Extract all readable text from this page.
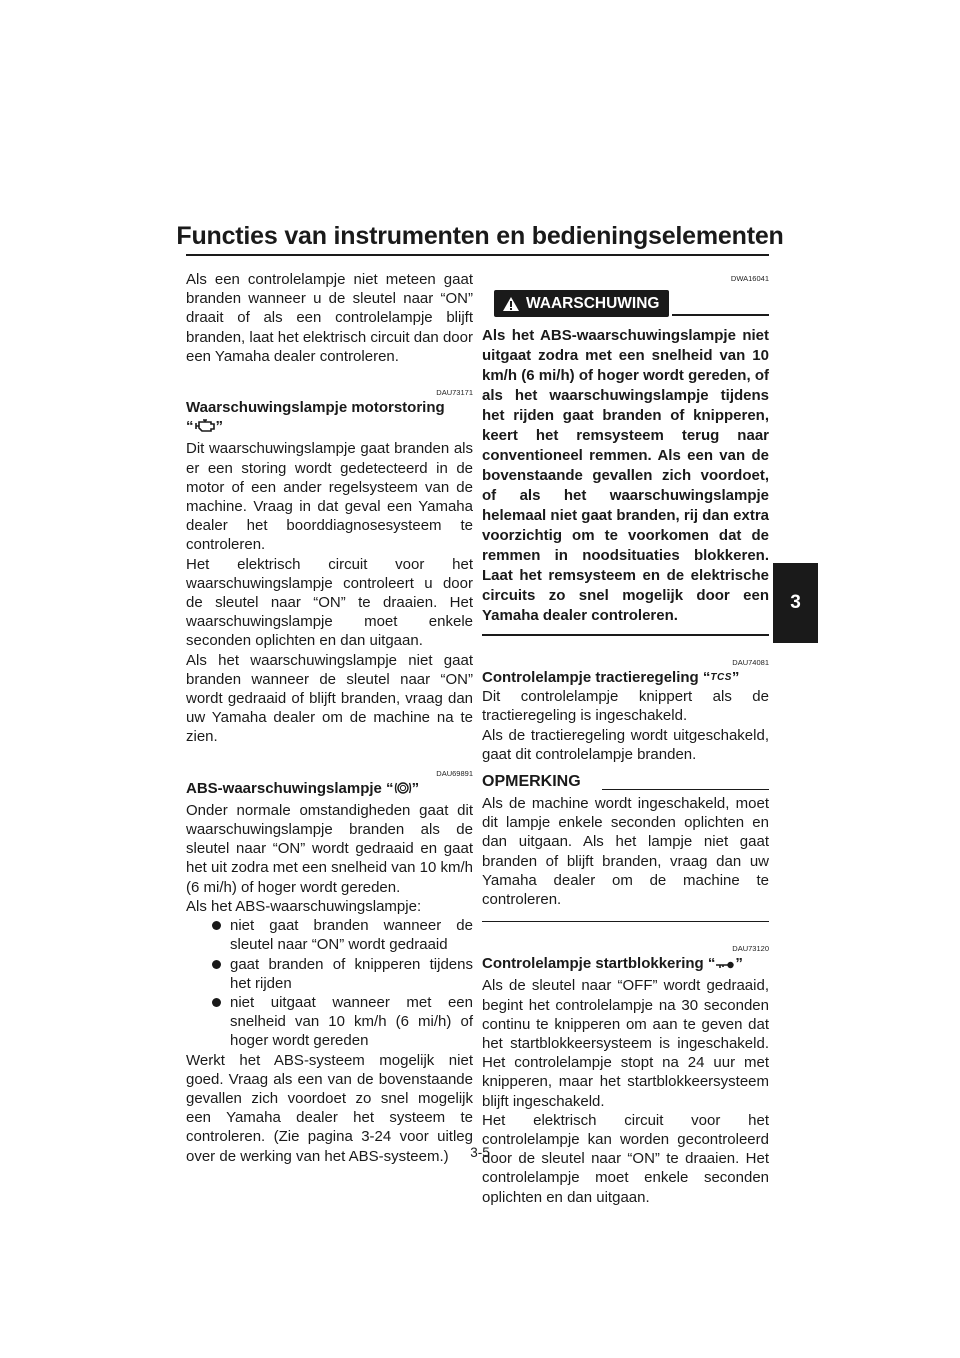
Functies van instrumenten en bedieningselementen
3

Als een controlelampje niet meteen gaat branden wanneer u de sleutel naar “ON” draait of als een controlelampje blijft branden, laat het elektrisch circuit dan door een Yamaha dealer controleren.

DAU73171
Waarschuwingslampje motorstoring
“ ”

Dit waarschuwingslampje gaat branden als er een storing wordt gedetecteerd in de motor of een ander regelsysteem van de machine. Vraag in dat geval een Yamaha dealer het boorddiagnosesysteem te controleren.

Het elektrisch circuit voor het waarschuwingslampje controleert u door de sleutel naar “ON” te draaien. Het waarschuwingslampje moet enkele seconden oplichten en dan uitgaan.

Als het waarschuwingslampje niet gaat branden wanneer de sleutel naar “ON” wordt gedraaid of blijft branden, vraag dan uw Yamaha dealer om de machine na te zien.

DAU69891
ABS-waarschuwingslampje “ ”

Onder normale omstandigheden gaat dit waarschuwingslampje branden als de sleutel naar “ON” wordt gedraaid en gaat het uit zodra met een snelheid van 10 km/h (6 mi/h) of hoger wordt gereden.

Als het ABS-waarschuwingslampje:

niet gaat branden wanneer de sleutel naar “ON” wordt gedraaid
gaat branden of knipperen tijdens het rijden
niet uitgaat wanneer met een snelheid van 10 km/h (6 mi/h) of hoger wordt gereden

Werkt het ABS-systeem mogelijk niet goed. Vraag als een van de bovenstaande gevallen zich voordoet zo snel mogelijk een Yamaha dealer het systeem te controleren. (Zie pagina 3-24 voor uitleg over de werking van het ABS-systeem.)

DWA16041
WAARSCHUWING

Als het ABS-waarschuwingslampje niet uitgaat zodra met een snelheid van 10 km/h (6 mi/h) of hoger wordt gereden, of als het waarschuwingslampje tijdens het rijden gaat branden of knipperen, keert het remsysteem terug naar conventioneel remmen. Als een van de bovenstaande gevallen zich voordoet, of als het waarschuwingslampje helemaal niet gaat branden, rij dan extra voorzichtig om te voorkomen dat de remmen in noodsituaties blokkeren. Laat het remsysteem en de elektrische circuits zo snel mogelijk door een Yamaha dealer controleren.

DAU74081
Controlelampje tractieregeling “TCS”

Dit controlelampje knippert als de tractieregeling is ingeschakeld.

Als de tractieregeling wordt uitgeschakeld, gaat dit controlelampje branden.

OPMERKING

Als de machine wordt ingeschakeld, moet dit lampje enkele seconden oplichten en dan uitgaan. Als het lampje niet gaat branden of blijft branden, vraag dan uw Yamaha dealer om de machine te controleren.

DAU73120
Controlelampje startblokkering “ ”

Als de sleutel naar “OFF” wordt gedraaid, begint het controlelampje na 30 seconden continu te knipperen om aan te geven dat het startblokkeersysteem is ingeschakeld. Het controlelampje stopt na 24 uur met knipperen, maar het startblokkeersysteem blijft ingeschakeld.

Het elektrisch circuit voor het controlelampje kan worden gecontroleerd door de sleutel naar “ON” te draaien. Het controlelampje moet enkele seconden oplichten en dan uitgaan.

3-5
